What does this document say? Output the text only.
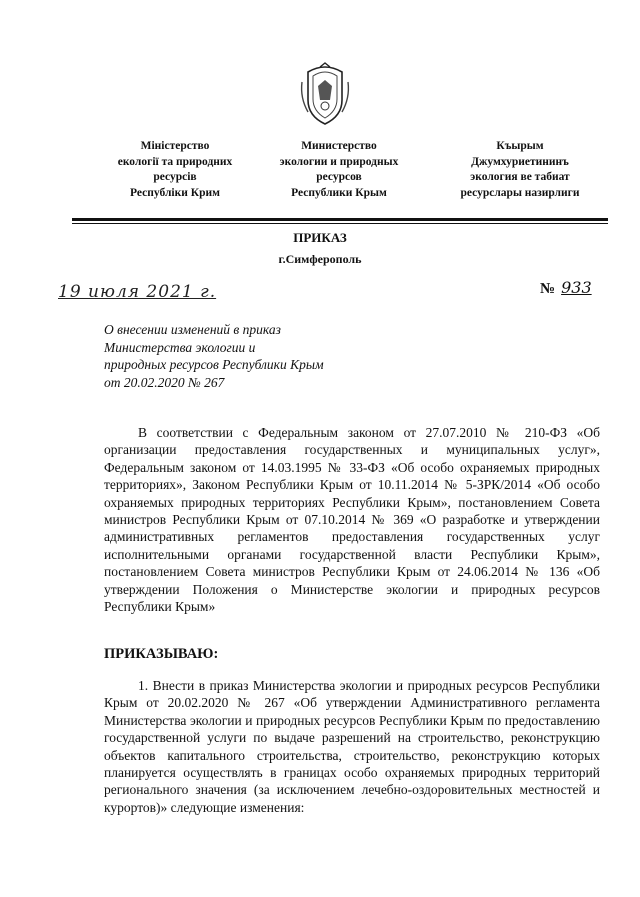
Міністерство
екології та природних
ресурсів
Республіки Крим
Министерство
экологии и природных
ресурсов
Республики Крым
Къырым
Джумхуриетининъ
экология ве табиат
ресурслары назирлиги
ПРИКАЗ
г.Симферополь
19 июля 2021 г.	№ 933
О внесении изменений в приказ
Министерства экологии и
природных ресурсов Республики Крым
от 20.02.2020 № 267
В соответствии с Федеральным законом от 27.07.2010 № 210-ФЗ «Об организации предоставления государственных и муниципальных услуг», Федеральным законом от 14.03.1995 № 33-ФЗ «Об особо охраняемых природных территориях», Законом Республики Крым от 10.11.2014 № 5-ЗРК/2014 «Об особо охраняемых природных территориях Республики Крым», постановлением Совета министров Республики Крым от 07.10.2014 № 369 «О разработке и утверждении административных регламентов предоставления государственных услуг исполнительными органами государственной власти Республики Крым», постановлением Совета министров Республики Крым от 24.06.2014 № 136 «Об утверждении Положения о Министерстве экологии и природных ресурсов Республики Крым»
ПРИКАЗЫВАЮ:
1. Внести в приказ Министерства экологии и природных ресурсов Республики Крым от 20.02.2020 № 267 «Об утверждении Административного регламента Министерства экологии и природных ресурсов Республики Крым по предоставлению государственной услуги по выдаче разрешений на строительство, реконструкцию объектов капитального строительства, строительство, реконструкцию которых планируется осуществлять в границах особо охраняемых природных территорий регионального значения (за исключением лечебно-оздоровительных местностей и курортов)» следующие изменения:
